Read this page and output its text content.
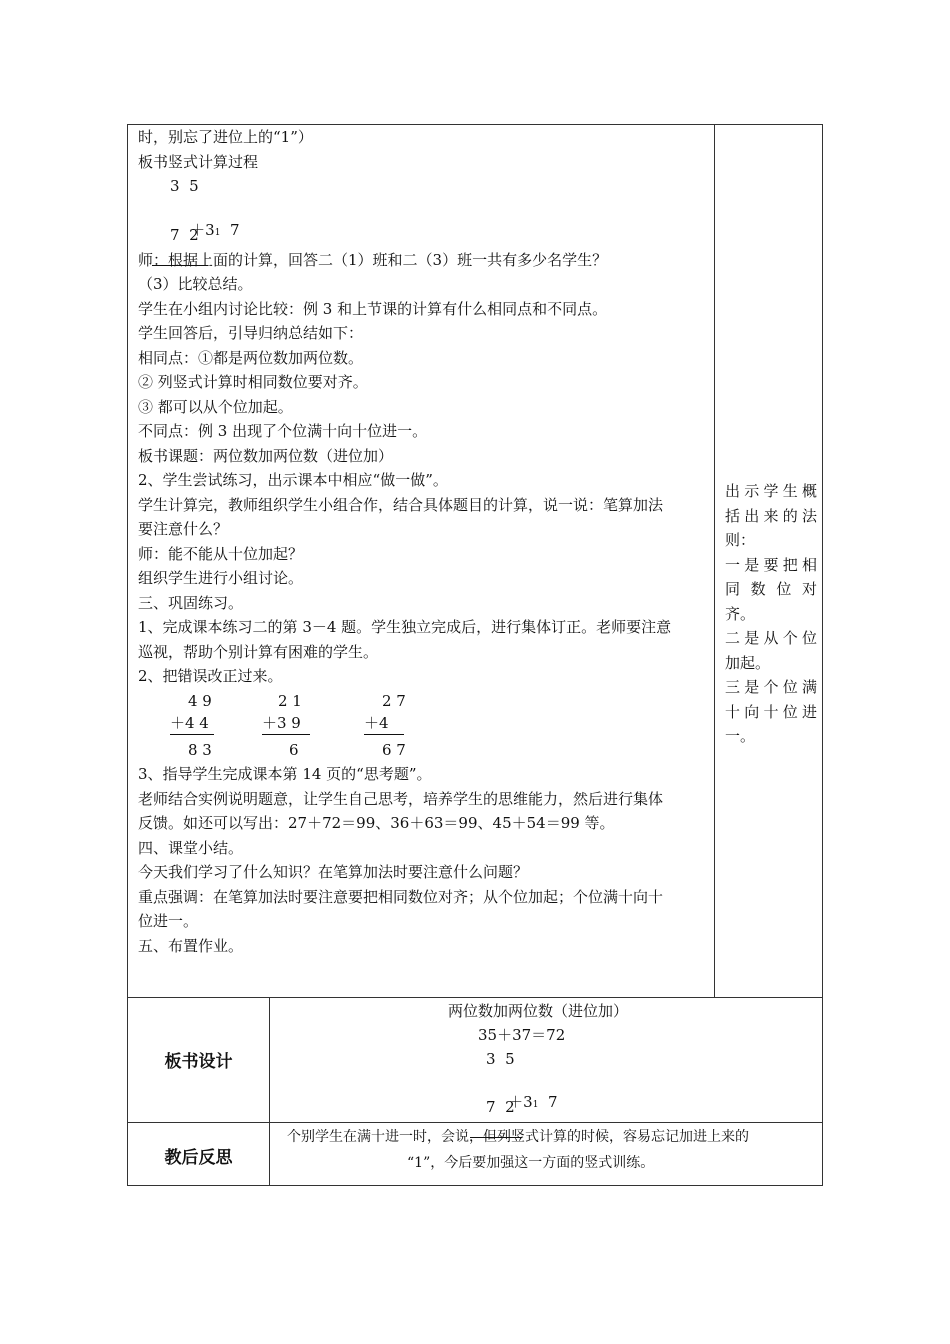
时，别忘了进位上的“1”）
板书竖式计算过程
3  5

＋31 7

7  2
师：根据上面的计算，回答二（1）班和二（3）班一共有多少名学生？
（3）比较总结。
学生在小组内讨论比较：例 3 和上节课的计算有什么相同点和不同点。
学生回答后，引导归纳总结如下：
相同点：①都是两位数加两位数。
② 列竖式计算时相同数位要对齐。
③ 都可以从个位加起。
不同点：例 3 出现了个位满十向十位进一。
板书课题：两位数加两位数（进位加）
2、学生尝试练习，出示课本中相应“做一做”。
学生计算完，教师组织学生小组合作，结合具体题目的计算，说一说：笔算加法
要注意什么？
师：能不能从十位加起？
组织学生进行小组讨论。
三、巩固练习。
1、完成课本练习二的第 3－4 题。学生独立完成后，进行集体订正。老师要注意
巡视，帮助个别计算有困难的学生。
2、把错误改正过来。
4 9	2 1	2 7
＋4 4	＋3 9	＋4
8 3	6	6 7
3、指导学生完成课本第 14 页的“思考题”。
老师结合实例说明题意，让学生自己思考，培养学生的思维能力，然后进行集体
反馈。如还可以写出：27＋72＝99、36＋63＝99、45＋54＝99 等。
四、课堂小结。
今天我们学习了什么知识？在笔算加法时要注意什么问题？
重点强调：在笔算加法时要注意要把相同数位对齐；从个位加起；个位满十向十
位进一。
五、布置作业。
出示学生概
括出来的法
则：
一是要把相
同数位对
齐。
二是从个位
加起。
三是个位满
十向十位进
一。
板书设计
两位数加两位数（进位加）
35＋37＝72
3  5

＋31 7

7  2
教后反思
个别学生在满十进一时，会说，但列竖式计算的时候，容易忘记加进上来的
“1”，今后要加强这一方面的竖式训练。
